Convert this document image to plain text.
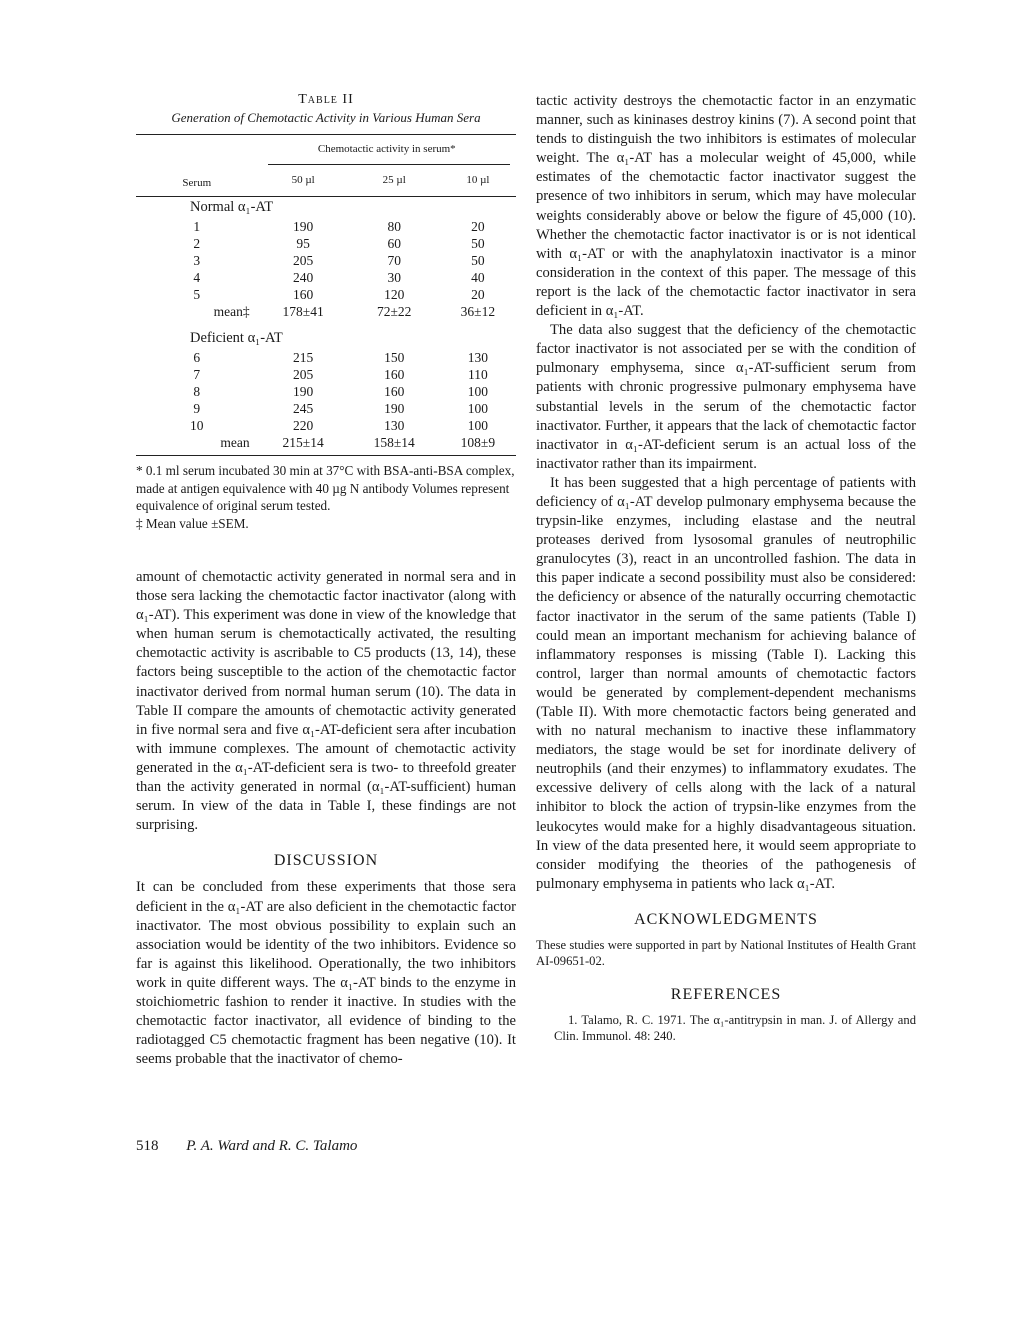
Table II
Generation of Chemotactic Activity in Various Human Sera

	Chemotactic activity in serum*		

Serum	50 µl	25 µl	10 µl

Normal α₁-AT			
1	190	80	20
2	95	60	50
3	205	70	50
4	240	30	40
5	160	120	20
mean‡	178±41	72±22	36±12
Deficient α₁-AT			
6	215	150	130
7	205	160	110
8	190	160	100
9	245	190	100
10	220	130	100
mean	215±14	158±14	108±9

* 0.1 ml serum incubated 30 min at 37°C with BSA-anti-BSA complex, made at antigen equivalence with 40 µg N antibody Volumes represent equivalence of original serum tested.

‡ Mean value ±SEM.

amount of chemotactic activity generated in normal sera and in those sera lacking the chemotactic factor inactivator (along with α₁-AT). This experiment was done in view of the knowledge that when human serum is chemotactically activated, the resulting chemotactic activity is ascribable to C5 products (13, 14), these factors being susceptible to the action of the chemotactic factor inactivator derived from normal human serum (10). The data in Table II compare the amounts of chemotactic activity generated in five normal sera and five α₁-AT-deficient sera after incubation with immune complexes. The amount of chemotactic activity generated in the α₁-AT-deficient sera is two- to threefold greater than the activity generated in normal (α₁-AT-sufficient) human serum. In view of the data in Table I, these findings are not surprising.

DISCUSSION

It can be concluded from these experiments that those sera deficient in the α₁-AT are also deficient in the chemotactic factor inactivator. The most obvious possibility to explain such an association would be identity of the two inhibitors. Evidence so far is against this likelihood. Operationally, the two inhibitors work in quite different ways. The α₁-AT binds to the enzyme in stoichiometric fashion to render it inactive. In studies with the chemotactic factor inactivator, all evidence of binding to the radiotagged C5 chemotactic fragment has been negative (10). It seems probable that the inactivator of chemo-

tactic activity destroys the chemotactic factor in an enzymatic manner, such as kininases destroy kinins (7). A second point that tends to distinguish the two inhibitors is estimates of molecular weight. The α₁-AT has a molecular weight of 45,000, while estimates of the chemotactic factor inactivator suggest the presence of two inhibitors in serum, which may have molecular weights considerably above or below the figure of 45,000 (10). Whether the chemotactic factor inactivator is or is not identical with α₁-AT or with the anaphylatoxin inactivator is a minor consideration in the context of this paper. The message of this report is the lack of the chemotactic factor inactivator in sera deficient in α₁-AT.

The data also suggest that the deficiency of the chemotactic factor inactivator is not associated per se with the condition of pulmonary emphysema, since α₁-AT-sufficient serum from patients with chronic progressive pulmonary emphysema have substantial levels in the serum of the chemotactic factor inactivator. Further, it appears that the lack of chemotactic factor inactivator in α₁-AT-deficient serum is an actual loss of the inactivator rather than its impairment.

It has been suggested that a high percentage of patients with deficiency of α₁-AT develop pulmonary emphysema because the trypsin-like enzymes, including elastase and the neutral proteases derived from lysosomal granules of neutrophilic granulocytes (3), react in an uncontrolled fashion. The data in this paper indicate a second possibility must also be considered: the deficiency or absence of the naturally occurring chemotactic factor inactivator in the serum of the same patients (Table I) could mean an important mechanism for achieving balance of inflammatory responses is missing (Table I). Lacking this control, larger than normal amounts of chemotactic factors would be generated by complement-dependent mechanisms (Table II). With more chemotactic factors being generated and with no natural mechanism to inactive these inflammatory mediators, the stage would be set for inordinate delivery of neutrophils (and their enzymes) to inflammatory exudates. The excessive delivery of cells along with the lack of a natural inhibitor to block the action of trypsin-like enzymes from the leukocytes would make for a highly disadvantageous situation. In view of the data presented here, it would seem appropriate to consider modifying the theories of the pathogenesis of pulmonary emphysema in patients who lack α₁-AT.

ACKNOWLEDGMENTS

These studies were supported in part by National Institutes of Health Grant AI-09651-02.

REFERENCES

1. Talamo, R. C. 1971. The α₁-antitrypsin in man. J. of Allergy and Clin. Immunol. 48: 240.

518 P. A. Ward and R. C. Talamo
